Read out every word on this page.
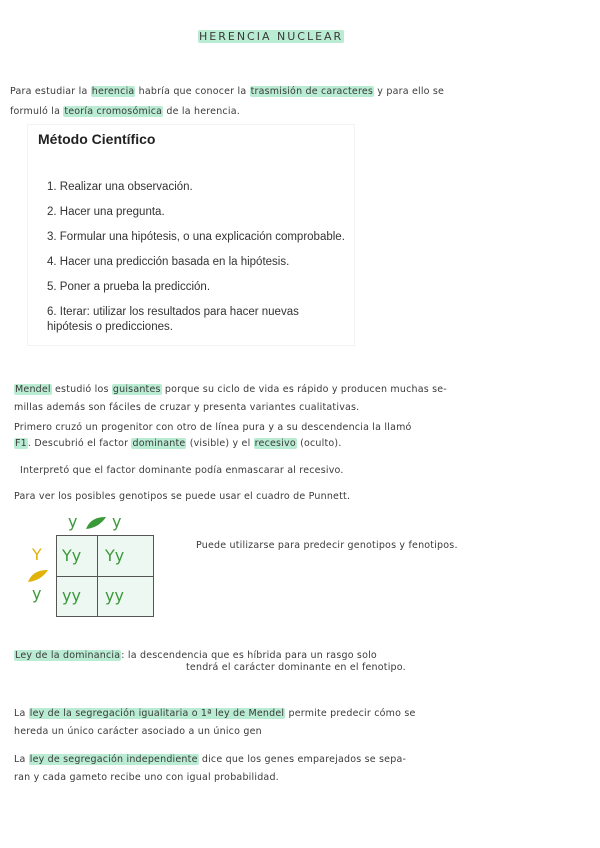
HERENCIA NUCLEAR
Para estudiar la herencia habría que conocer la trasmisión de caracteres y para ello se
formuló la teoría cromosómica de la herencia.
Método Científico
1. Realizar una observación.
2. Hacer una pregunta.
3. Formular una hipótesis, o una explicación comprobable.
4. Hacer una predicción basada en la hipótesis.
5. Poner a prueba la predicción.
6. Iterar: utilizar los resultados para hacer nuevas hipótesis o predicciones.
Mendel estudió los guisantes porque su ciclo de vida es rápido y producen muchas se-
millas además son fáciles de cruzar y presenta variantes cualitativas.
Primero cruzó un progenitor con otro de línea pura y a su descendencia la llamó
F1. Descubrió el factor dominante (visible) y el recesivo (oculto).
Interpretó que el factor dominante podía enmascarar al recesivo.
Para ver los posibles genotipos se puede usar el cuadro de Punnett.
y y
Y
y
Yy Yy
yy yy
Puede utilizarse para predecir genotipos y fenotipos.
Ley de la dominancia: la descendencia que es híbrida para un rasgo solo
tendrá el carácter dominante en el fenotipo.
La ley de la segregación igualitaria o 1ª ley de Mendel permite predecir cómo se
hereda un único carácter asociado a un único gen
La ley de segregación independiente dice que los genes emparejados se sepa-
ran y cada gameto recibe uno con igual probabilidad.
